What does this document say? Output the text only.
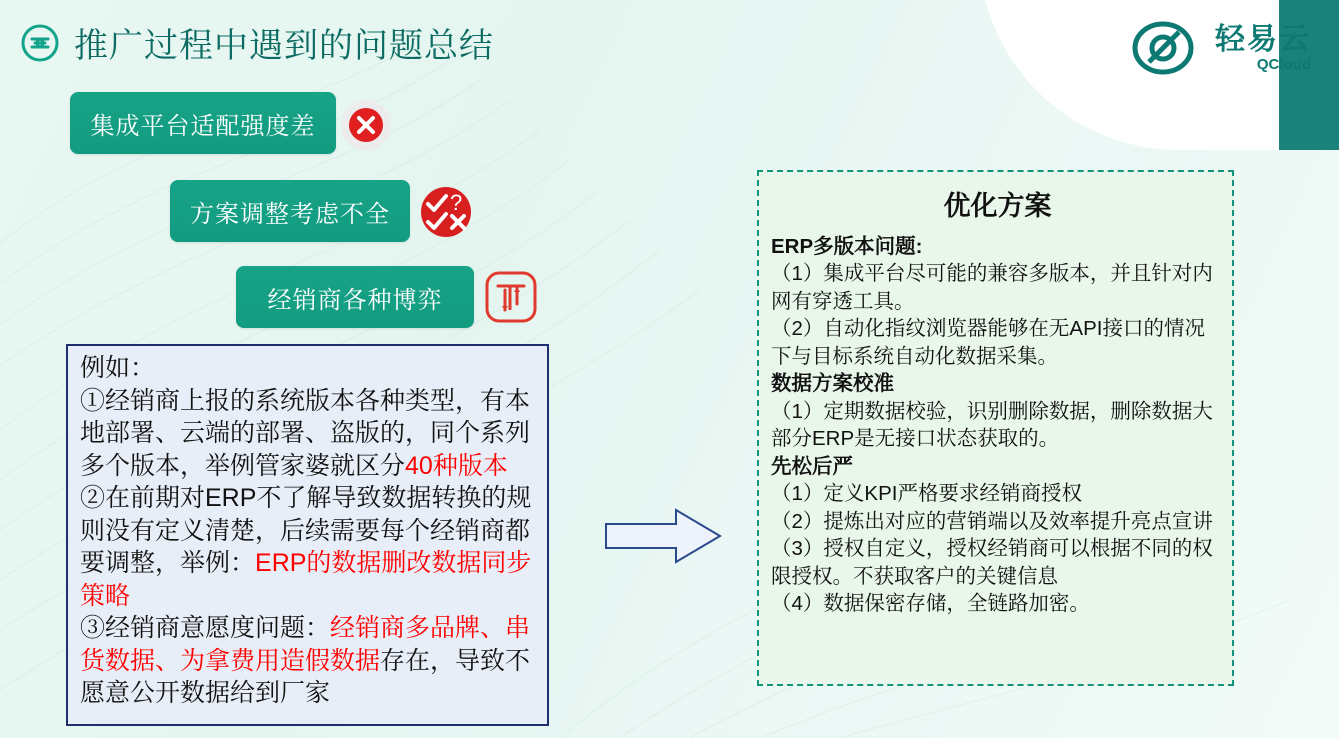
轻易云
QCloud
推广过程中遇到的问题总结
集成平台适配强度差
方案调整考虑不全	?
经销商各种博弈
例如：
①经销商上报的系统版本各种类型，有本地部署、云端的部署、盗版的，同个系列多个版本，举例管家婆就区分40种版本
②在前期对ERP不了解导致数据转换的规则没有定义清楚，后续需要每个经销商都要调整，举例：ERP的数据删改数据同步策略
③经销商意愿度问题：经销商多品牌、串货数据、为拿费用造假数据存在，导致不愿意公开数据给到厂家
优化方案

ERP多版本问题:

（1）集成平台尽可能的兼容多版本，并且针对内网有穿透工具。

（2）自动化指纹浏览器能够在无API接口的情况下与目标系统自动化数据采集。

数据方案校准

（1）定期数据校验，识别删除数据，删除数据大部分ERP是无接口状态获取的。

先松后严

（1）定义KPI严格要求经销商授权

（2）提炼出对应的营销端以及效率提升亮点宣讲

（3）授权自定义，授权经销商可以根据不同的权限授权。不获取客户的关键信息

（4）数据保密存储，全链路加密。
